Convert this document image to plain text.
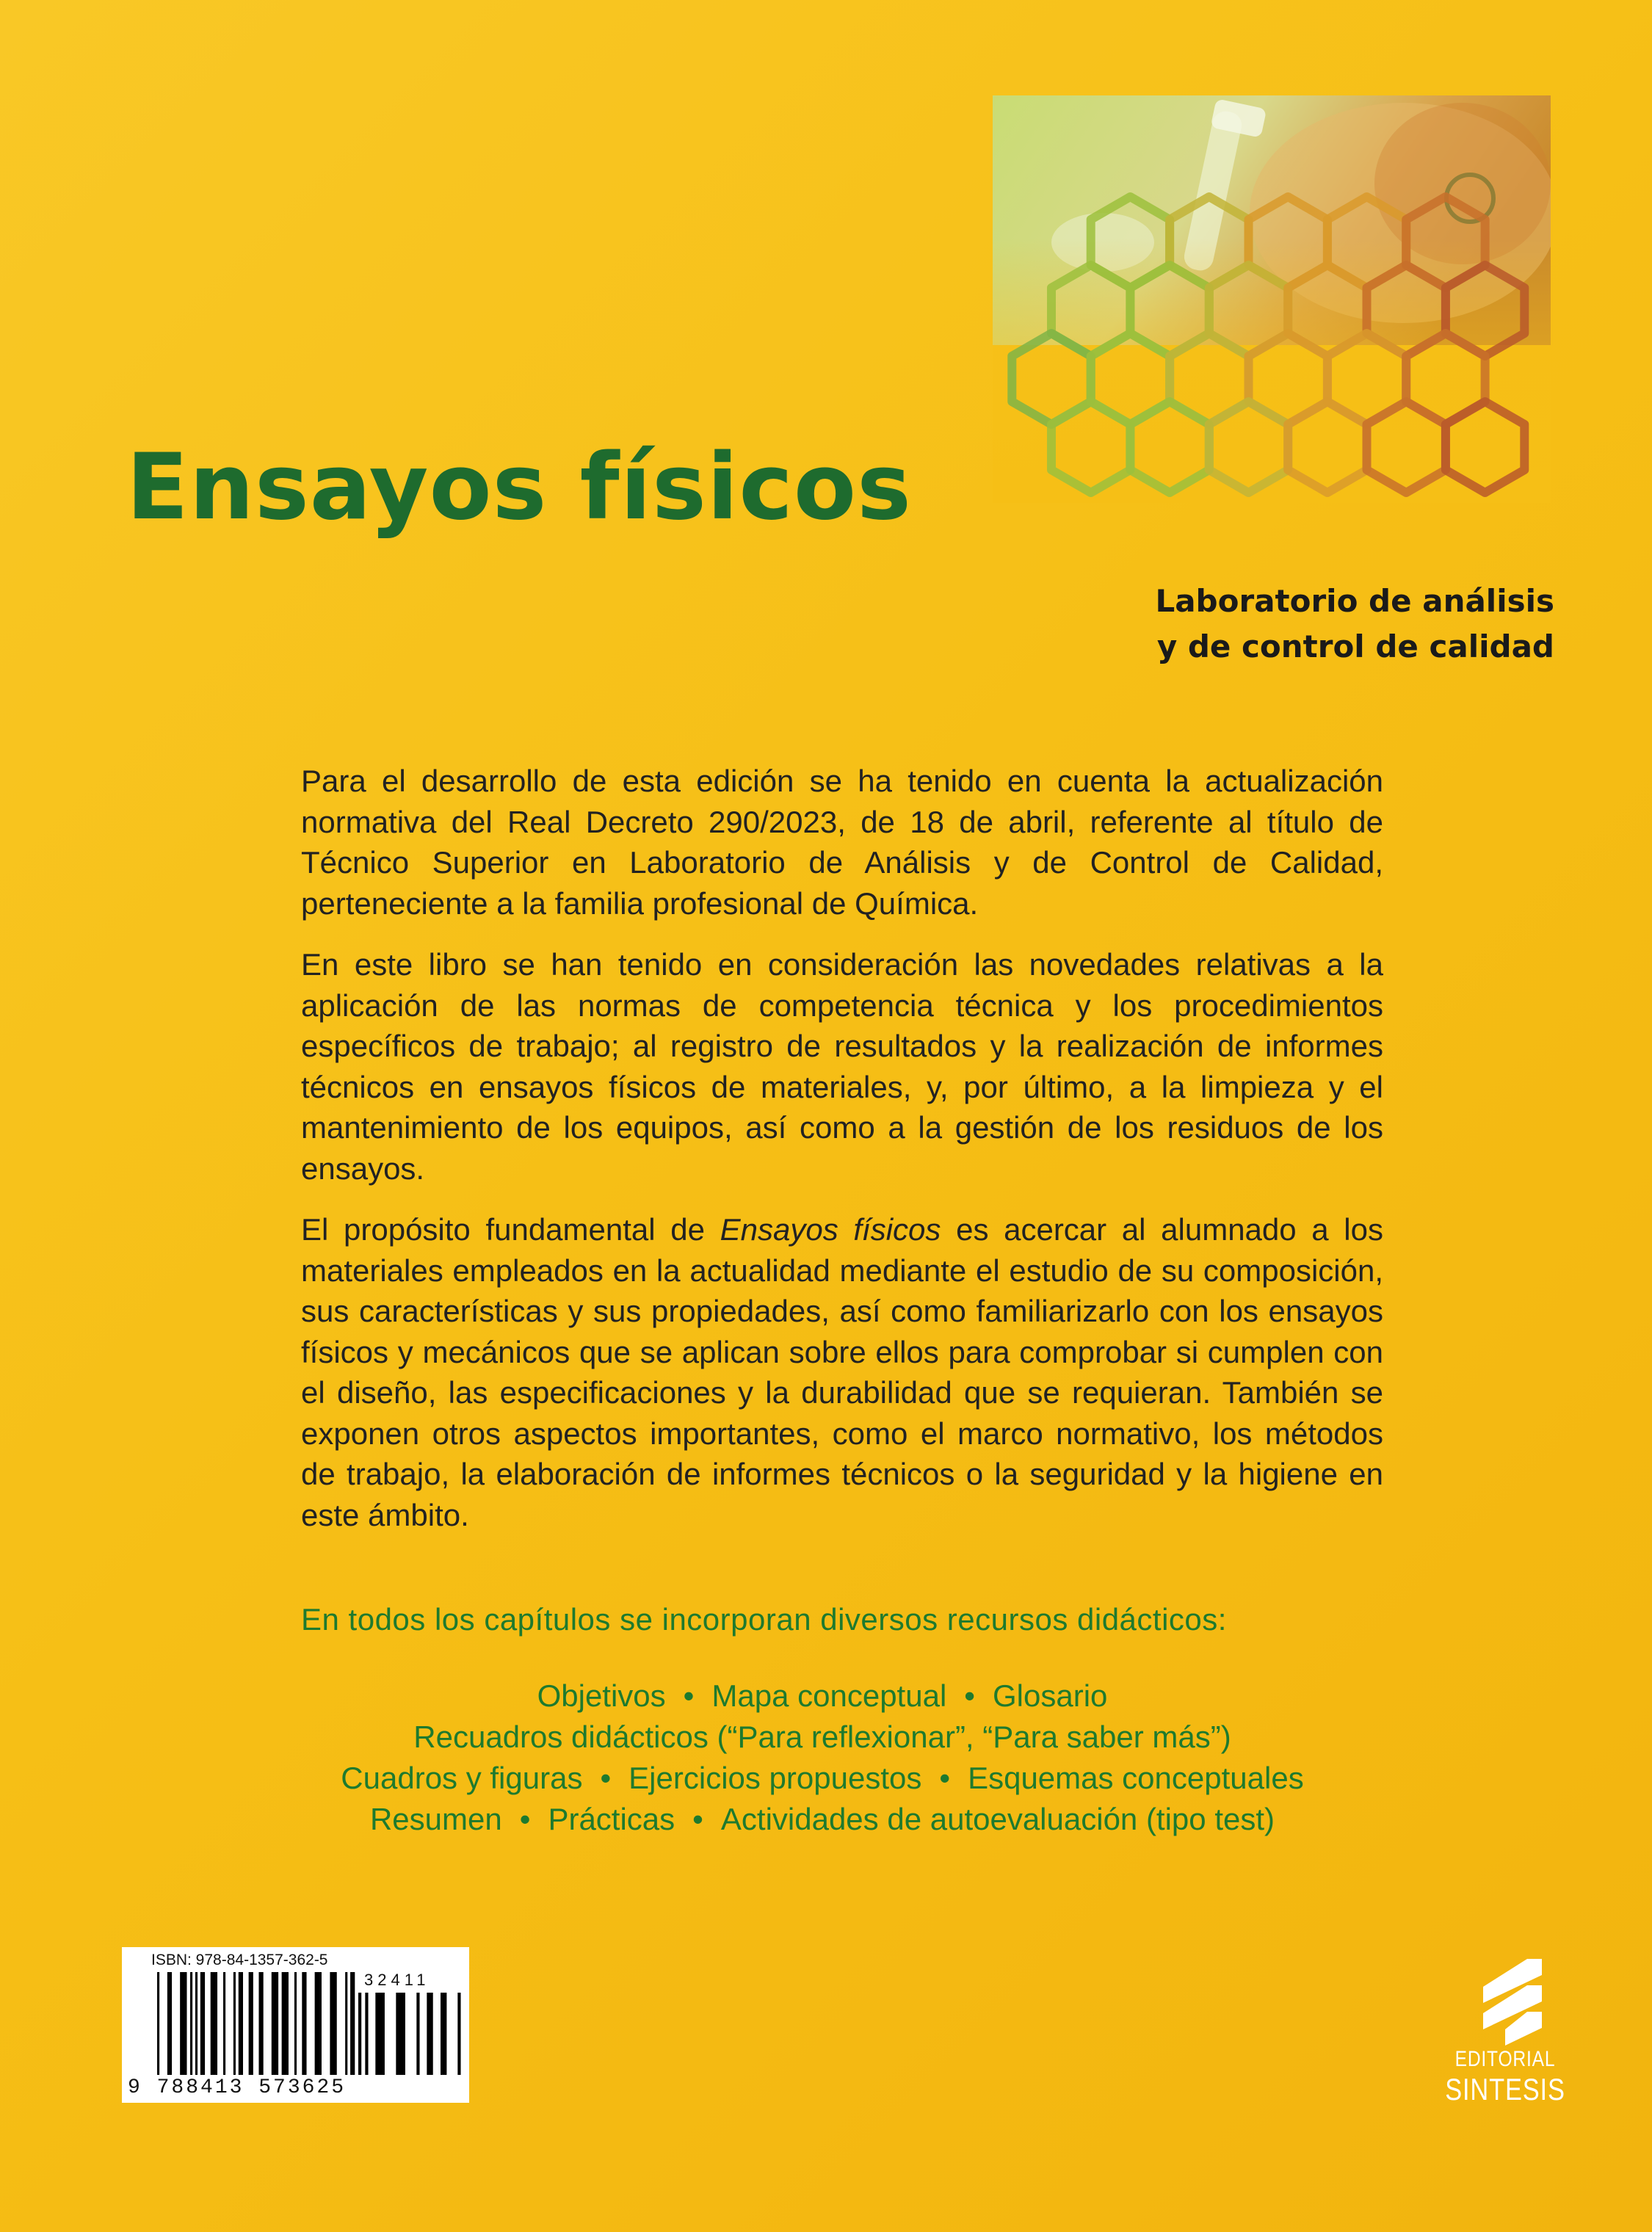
Ensayos físicos
Laboratorio de análisis
y de control de calidad

Para el desarrollo de esta edición se ha tenido en cuenta la actualización normativa del Real Decreto 290/2023, de 18 de abril, referente al título de Técnico Superior en Laboratorio de Análisis y de Control de Calidad, perteneciente a la familia profesional de Química.

En este libro se han tenido en consideración las novedades relativas a la aplicación de las normas de competencia técnica y los procedimientos específicos de trabajo; al registro de resultados y la realización de informes técnicos en ensayos físicos de materiales, y, por último, a la limpieza y el mantenimiento de los equipos, así como a la gestión de los residuos de los ensayos.

El propósito fundamental de Ensayos físicos es acercar al alumnado a los materiales empleados en la actualidad mediante el estudio de su composición, sus características y sus propiedades, así como familiarizarlo con los ensayos físicos y mecánicos que se aplican sobre ellos para comprobar si cumplen con el diseño, las especificaciones y la durabilidad que se requieran. También se exponen otros aspectos importantes, como el marco normativo, los métodos de trabajo, la elaboración de informes técnicos o la seguridad y la higiene en este ámbito.

En todos los capítulos se incorporan diversos recursos didácticos:
Objetivos • Mapa conceptual • Glosario
Recuadros didácticos (“Para reflexionar”, “Para saber más”)
Cuadros y figuras • Ejercicios propuestos • Esquemas conceptuales
Resumen • Prácticas • Actividades de autoevaluación (tipo test)
ISBN: 978-84-1357-362-5
32411
9 788413 573625
EDITORIAL
SINTESIS
